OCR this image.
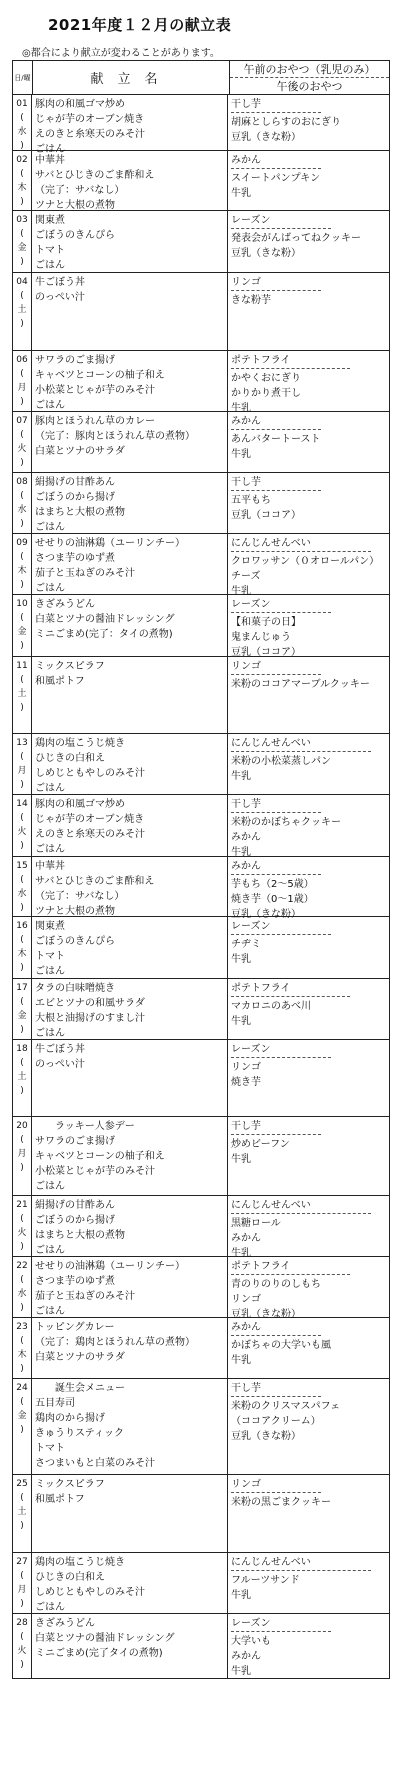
2021年度１２月の献立表
◎都合により献立が変わることがあります。
日/曜	献立名
午前のおやつ（乳児のみ）
午後のおやつ
01
(
水
)
豚肉の和風ゴマ炒め
じゃが芋のオーブン焼き
えのきと糸寒天のみそ汁
ごはん
干し芋
胡麻としらすのおにぎり
豆乳（きな粉）
02
(
木
)
中華丼
サバとひじきのごま酢和え
（完了：サバなし）
ツナと大根の煮物
みかん
スイートパンプキン
牛乳
03
(
金
)
関東煮
ごぼうのきんぴら
トマト
ごはん
レーズン
発表会がんばってねクッキー
豆乳（きな粉）
04
(
土
)
牛ごぼう丼
のっぺい汁
リンゴ
きな粉芋
06
(
月
)
サワラのごま揚げ
キャベツとコーンの柚子和え
小松菜とじゃが芋のみそ汁
ごはん
ポテトフライ
かやくおにぎり
かりかり煮干し
牛乳
07
(
火
)
豚肉とほうれん草のカレー
（完了：豚肉とほうれん草の煮物）
白菜とツナのサラダ
みかん
あんバタートースト
牛乳
08
(
水
)
絹揚げの甘酢あん
ごぼうのから揚げ
はまちと大根の煮物
ごはん
干し芋
五平もち
豆乳（ココア）
09
(
木
)
せせりの油淋鶏（ユーリンチー）
さつま芋のゆず煮
茄子と玉ねぎのみそ汁
ごはん
にんじんせんべい
クロワッサン（０オロールパン）
チーズ
牛乳
10
(
金
)
きざみうどん
白菜とツナの醤油ドレッシング
ミニごまめ(完了：タイの煮物)
レーズン
【和菓子の日】
鬼まんじゅう
豆乳（ココア）
11
(
土
)
ミックスピラフ
和風ポトフ
リンゴ
米粉のココアマーブルクッキー
13
(
月
)
鶏肉の塩こうじ焼き
ひじきの白和え
しめじともやしのみそ汁
ごはん
にんじんせんべい
米粉の小松菜蒸しパン
牛乳
14
(
火
)
豚肉の和風ゴマ炒め
じゃが芋のオーブン焼き
えのきと糸寒天のみそ汁
ごはん
干し芋
米粉のかぼちゃクッキー
みかん
牛乳
15
(
水
)
中華丼
サバとひじきのごま酢和え
（完了：サバなし）
ツナと大根の煮物
みかん
芋もち（2～5歳）
焼き芋（0～1歳）
豆乳（きな粉）
16
(
木
)
関東煮
ごぼうのきんぴら
トマト
ごはん
レーズン
チヂミ
牛乳
17
(
金
)
タラの白味噌焼き
エビとツナの和風サラダ
大根と油揚げのすまし汁
ごはん
ポテトフライ
マカロニのあべ川
牛乳
18
(
土
)
牛ごぼう丼
のっぺい汁
レーズン
リンゴ
焼き芋
20
(
月
)
ラッキー人参デー
サワラのごま揚げ
キャベツとコーンの柚子和え
小松菜とじゃが芋のみそ汁
ごはん
干し芋
炒めビーフン
牛乳
21
(
火
)
絹揚げの甘酢あん
ごぼうのから揚げ
はまちと大根の煮物
ごはん
にんじんせんべい
黒糖ロール
みかん
牛乳
22
(
水
)
せせりの油淋鶏（ユーリンチー）
さつま芋のゆず煮
茄子と玉ねぎのみそ汁
ごはん
ポテトフライ
青のりのりのしもち
リンゴ
豆乳（きな粉）
23
(
木
)
トッピングカレー
（完了：鶏肉とほうれん草の煮物）
白菜とツナのサラダ
みかん
かぼちゃの大学いも風
牛乳
24
(
金
)
誕生会メニュー
五目寿司
鶏肉のから揚げ
きゅうりスティック
トマト
さつまいもと白菜のみそ汁
干し芋
米粉のクリスマスパフェ
（ココアクリーム）
豆乳（きな粉）
25
(
土
)
ミックスピラフ
和風ポトフ
リンゴ
米粉の黒ごまクッキー
27
(
月
)
鶏肉の塩こうじ焼き
ひじきの白和え
しめじともやしのみそ汁
ごはん
にんじんせんべい
フルーツサンド
牛乳
28
(
火
)
きざみうどん
白菜とツナの醤油ドレッシング
ミニごまめ(完了タイの煮物)
レーズン
大学いも
みかん
牛乳
